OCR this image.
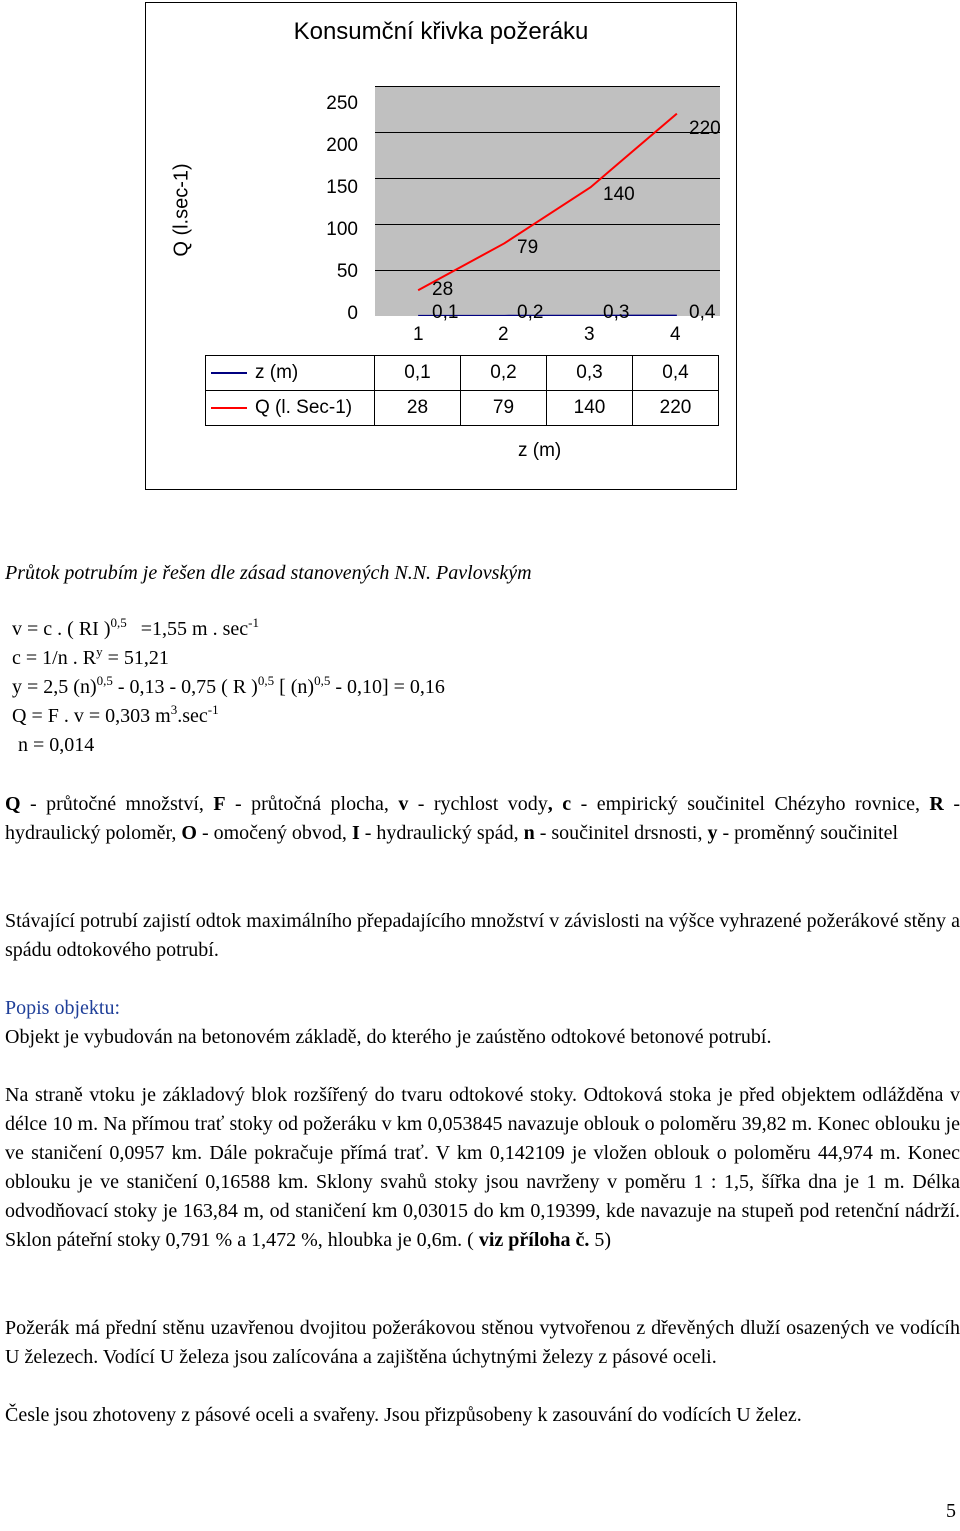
Konsumční křivka požeráku
Q (l.sec-1)
250
200
150
100
50
0
28
79
140
220
0,1	0,2	0,3	0,4
1	2	3	4
z (m)	0,1	0,2	0,3	0,4
Q (l. Sec-1)	28	79	140	220
z (m)
Průtok potrubím je řešen dle zásad stanovených N.N. Pavlovským
v = c . ( RI )$^{0,5}$ =1,55 m . $\sec^{-1}$
c = 1/n . $R^y = 51,21$
y = 2,5 $(n)^{0,5} - 0,13 - 0,75$ ( R )$^{0,5}$ [ $(n)^{0,5} - 0,10] = 0,16$
Q = F . v = 0,303 $m^3.\sec^{-1}$
n = 0,014
Q - průtočné množství, F - průtočná plocha, v - rychlost vody, c - empirický součinitel Chézyho rovnice, R - hydraulický poloměr, O - omočený obvod, I - hydraulický spád, n - součinitel drsnosti, y - proměnný součinitel
Stávající potrubí zajistí odtok maximálního přepadajícího množství v závislosti na výšce vyhrazené požerákové stěny a spádu odtokového potrubí.
Popis objektu:
Objekt je vybudován na betonovém základě, do kterého je zaústěno odtokové betonové potrubí.
Na straně vtoku je základový blok rozšířený do tvaru odtokové stoky. Odtoková stoka je před objektem odlážděna v délce 10 m. Na přímou trať stoky od požeráku v km 0,053845 navazuje oblouk o poloměru 39,82 m. Konec oblouku je ve staničení 0,0957 km. Dále pokračuje přímá trať. V km 0,142109 je vložen oblouk o poloměru 44,974 m. Konec oblouku je ve staničení 0,16588 km. Sklony svahů stoky jsou navrženy v poměru 1 : 1,5, šířka dna je 1 m. Délka odvodňovací stoky je 163,84 m, od staničení km 0,03015 do km 0,19399, kde navazuje na stupeň pod retenční nádrží. Sklon páteřní stoky 0,791 % a 1,472 %, hloubka je 0,6m. ( viz příloha č. 5)
Požerák má přední stěnu uzavřenou dvojitou požerákovou stěnou vytvořenou z dřevěných dluží osazených ve vodícíh U železech. Vodící U železa jsou zalícována a zajištěna úchytnými železy z pásové oceli.
Česle jsou zhotoveny z pásové oceli a svařeny. Jsou přizpůsobeny k zasouvání do vodících U želez.
5
